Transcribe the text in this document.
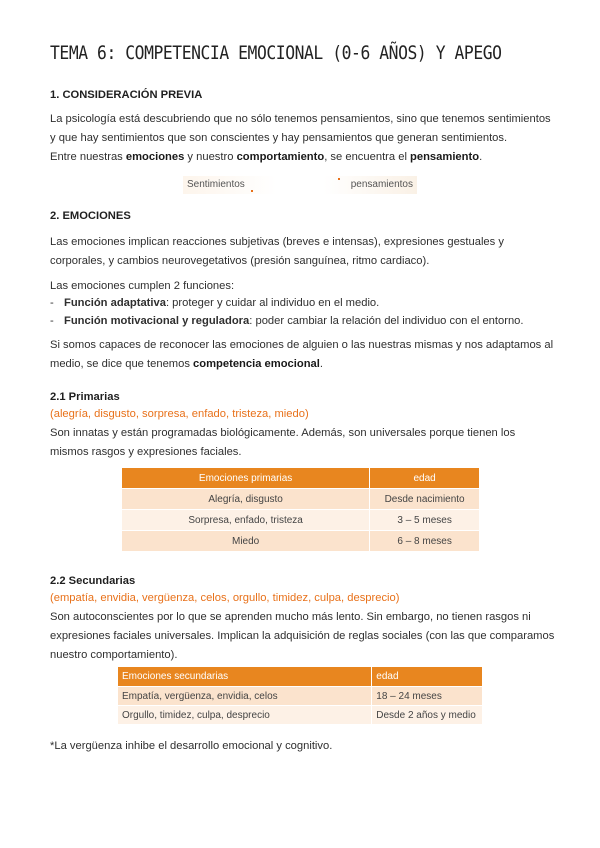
TEMA 6: COMPETENCIA EMOCIONAL (0-6 AÑOS) Y APEGO
1. CONSIDERACIÓN PREVIA

La psicología está descubriendo que no sólo tenemos pensamientos, sino que tenemos sentimientos
y que hay sentimientos que son conscientes y hay pensamientos que generan sentimientos.

Entre nuestras emociones y nuestro comportamiento, se encuentra el pensamiento.

Sentimientos	pensamientos
2. EMOCIONES

Las emociones implican reacciones subjetivas (breves e intensas), expresiones gestuales y
corporales, y cambios neurovegetativos (presión sanguínea, ritmo cardiaco).

Las emociones cumplen 2 funciones:

- Función adaptativa: proteger y cuidar al individuo en el medio.
- Función motivacional y reguladora: poder cambiar la relación del individuo con el entorno.

Si somos capaces de reconocer las emociones de alguien o las nuestras mismas y nos adaptamos al
medio, se dice que tenemos competencia emocional.

2.1 Primarias

(alegría, disgusto, sorpresa, enfado, tristeza, miedo)

Son innatas y están programadas biológicamente. Además, son universales porque tienen los
mismos rasgos y expresiones faciales.

Emociones primarias	edad
Alegría, disgusto	Desde nacimiento
Sorpresa, enfado, tristeza	3 – 5 meses
Miedo	6 – 8 meses
2.2 Secundarias

(empatía, envidia, vergüenza, celos, orgullo, timidez, culpa, desprecio)

Son autoconscientes por lo que se aprenden mucho más lento. Sin embargo, no tienen rasgos ni
expresiones faciales universales. Implican la adquisición de reglas sociales (con las que comparamos
nuestro comportamiento).

Emociones secundarias	edad
Empatía, vergüenza, envidia, celos	18 – 24 meses
Orgullo, timidez, culpa, desprecio	Desde 2 años y medio

*La vergüenza inhibe el desarrollo emocional y cognitivo.
